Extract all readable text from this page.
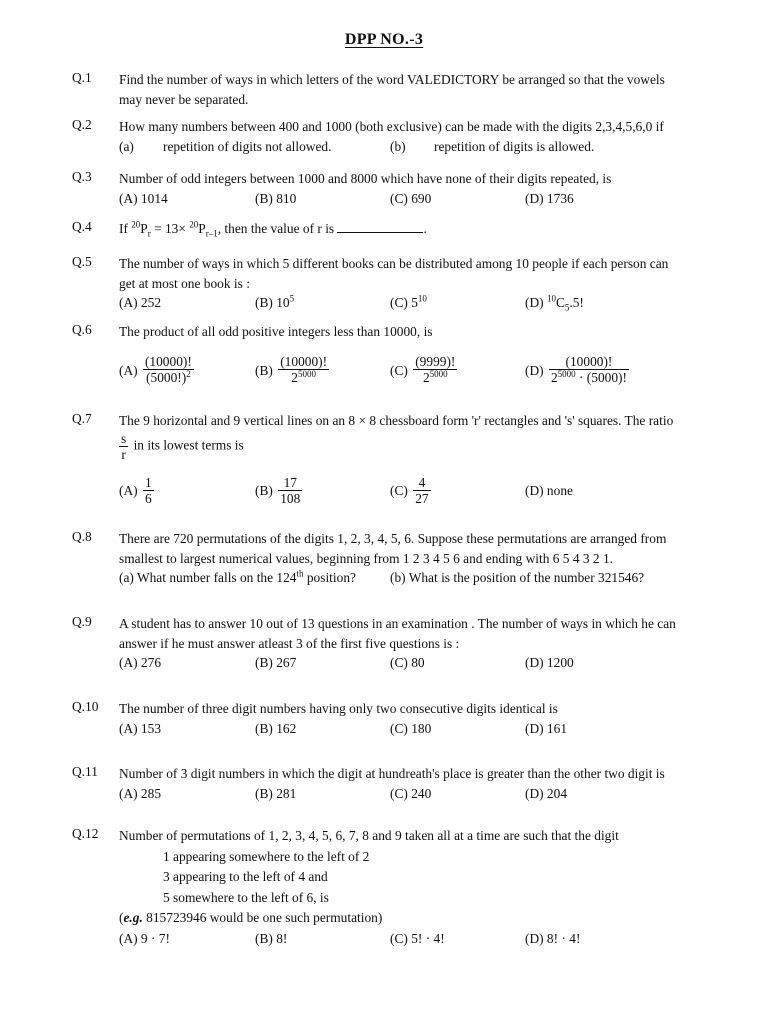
DPP NO.-3
Q.1	Find the number of ways in which letters of the word VALEDICTORY be arranged so that the vowels
may never be separated.
Q.2	How many numbers between 400 and 1000 (both exclusive) can be made with the digits 2,3,4,5,6,0 if
(a) repetition of digits not allowed.	(b) repetition of digits is allowed.
Q.3	Number of odd integers between 1000 and 8000 which have none of their digits repeated, is
(A) 1014	(B) 810	(C) 690	(D) 1736
Q.4	If $^{20}P_r = 13\times ^{20}P_{r-1}$, then the value of r is	.
Q.5	The number of ways in which 5 different books can be distributed among 10 people if each person can
get at most one book is :
(A) 252	(B) $10^5$	(C) $5^{10}$	(D) $^{10}C_5.5$!
Q.6	The product of all odd positive integers less than 10000, is
$(A) \frac{(10000)!}{(5000!)^2}$	$(B) \frac{(10000)!}{2^{5000}}$	$(C) \frac{(9999)!}{2^{5000}}$	$(D) \frac{(10000)!}{2^{5000} \cdot (5000)!}$
Q.7	The 9 horizontal and 9 vertical lines on an 8 × 8 chessboard form 'r' rectangles and 's' squares. The ratio
$\frac{s}{r}$ in its lowest terms is
$(A) \frac{1}{6}$	$(B) \frac{17}{108}$	$(C) \frac{4}{27}$	(D) none
Q.8	There are 720 permutations of the digits 1, 2, 3, 4, 5, 6. Suppose these permutations are arranged from
smallest to largest numerical values, beginning from 1 2 3 4 5 6 and ending with 6 5 4 3 2 1.
(a) What number falls on the 124th position?	(b) What is the position of the number 321546?
Q.9	A student has to answer 10 out of 13 questions in an examination . The number of ways in which he can
answer if he must answer atleast 3 of the first five questions is :
(A) 276	(B) 267	(C) 80	(D) 1200
Q.10	The number of three digit numbers having only two consecutive digits identical is
(A) 153	(B) 162	(C) 180	(D) 161
Q.11	Number of 3 digit numbers in which the digit at hundreath's place is greater than the other two digit is
(A) 285	(B) 281	(C) 240	(D) 204
Q.12	Number of permutations of 1, 2, 3, 4, 5, 6, 7, 8 and 9 taken all at a time are such that the digit
1 appearing somewhere to the left of 2
3 appearing to the left of 4 and
5 somewhere to the left of 6, is
(e.g. 815723946 would be one such permutation)
(A) 9 · 7!	(B) 8!	(C) 5! · 4!	(D) 8! · 4!
